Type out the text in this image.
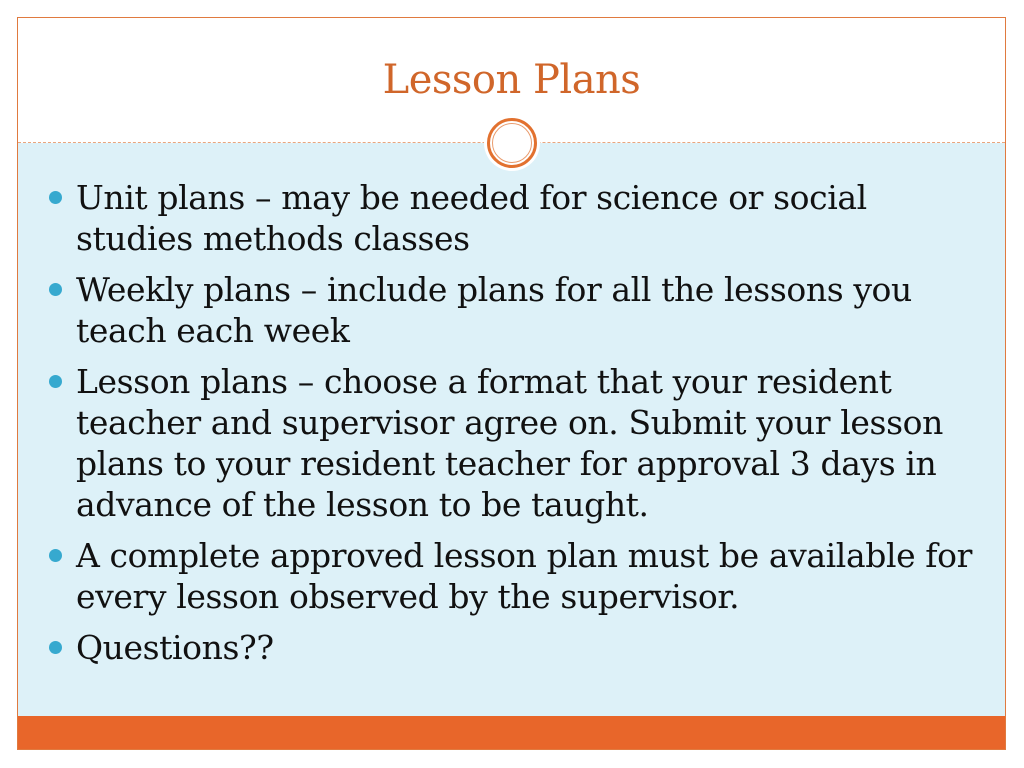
Lesson Plans
Unit plans – may be needed for science or social studies methods classes
Weekly plans – include plans for all the lessons you teach each week
Lesson plans – choose a format that your resident teacher and supervisor agree on. Submit your lesson plans to your resident teacher for approval 3 days in advance of the lesson to be taught.
A complete approved lesson plan must be available for every lesson observed by the supervisor.
Questions??
